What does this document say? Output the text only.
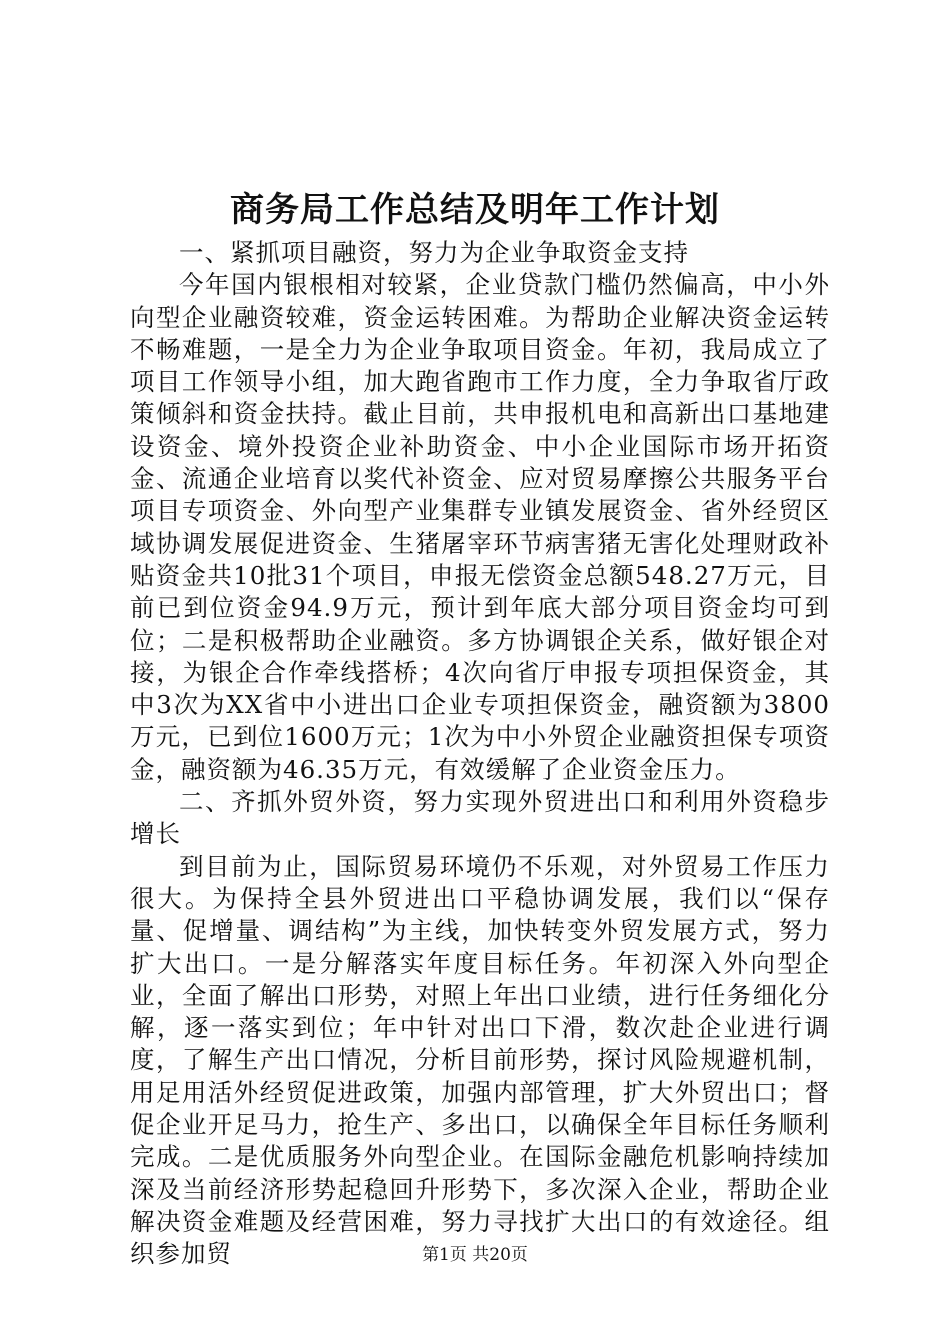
商务局工作总结及明年工作计划

一、紧抓项目融资，努力为企业争取资金支持

今年国内银根相对较紧，企业贷款门槛仍然偏高，中小外向型企业融资较难，资金运转困难。为帮助企业解决资金运转不畅难题，一是全力为企业争取项目资金。年初，我局成立了项目工作领导小组，加大跑省跑市工作力度，全力争取省厅政策倾斜和资金扶持。截止目前，共申报机电和高新出口基地建设资金、境外投资企业补助资金、中小企业国际市场开拓资金、流通企业培育以奖代补资金、应对贸易摩擦公共服务平台项目专项资金、外向型产业集群专业镇发展资金、省外经贸区域协调发展促进资金、生猪屠宰环节病害猪无害化处理财政补贴资金共10批31个项目，申报无偿资金总额548.27万元，目前已到位资金94.9万元，预计到年底大部分项目资金均可到位；二是积极帮助企业融资。多方协调银企关系，做好银企对接，为银企合作牵线搭桥；4次向省厅申报专项担保资金，其中3次为XX省中小进出口企业专项担保资金，融资额为3800万元，已到位1600万元；1次为中小外贸企业融资担保专项资金，融资额为46.35万元，有效缓解了企业资金压力。

二、齐抓外贸外资，努力实现外贸进出口和利用外资稳步增长

到目前为止，国际贸易环境仍不乐观，对外贸易工作压力很大。为保持全县外贸进出口平稳协调发展，我们以“保存量、促增量、调结构”为主线，加快转变外贸发展方式，努力扩大出口。一是分解落实年度目标任务。年初深入外向型企业，全面了解出口形势，对照上年出口业绩，进行任务细化分解，逐一落实到位；年中针对出口下滑，数次赴企业进行调度，了解生产出口情况，分析目前形势，探讨风险规避机制，用足用活外经贸促进政策，加强内部管理，扩大外贸出口；督促企业开足马力，抢生产、多出口，以确保全年目标任务顺利完成。二是优质服务外向型企业。在国际金融危机影响持续加深及当前经济形势起稳回升形势下，多次深入企业，帮助企业解决资金难题及经营困难，努力寻找扩大出口的有效途径。组织参加贸	第1页 共20页
